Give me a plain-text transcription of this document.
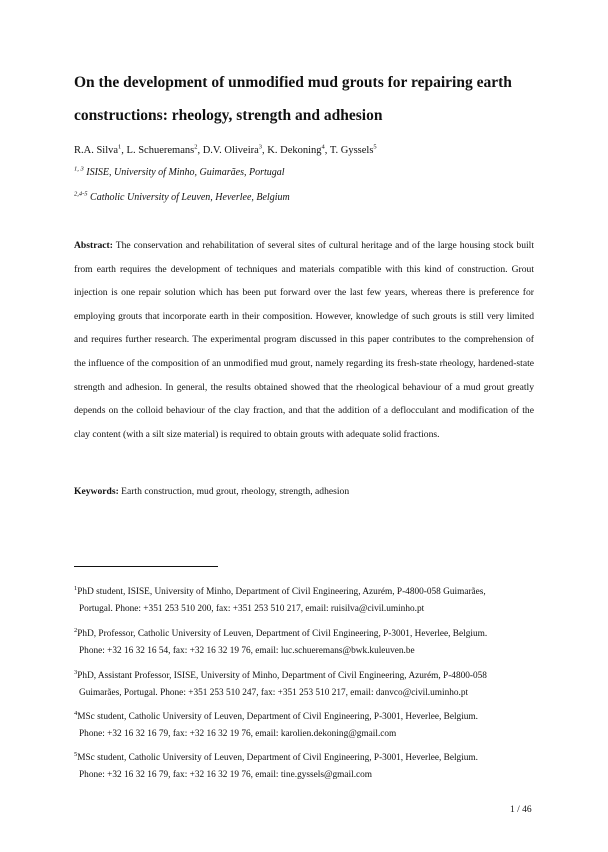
On the development of unmodified mud grouts for repairing earth
constructions: rheology, strength and adhesion
R.A. Silva$^1$, L. Schueremans$^2$, D.V. Oliveira$^3$, K. Dekoning$^4$, T. Gyssels$^5$
$^{1, 3}$ ISISE, University of Minho, Guimarães, Portugal
$^{2,4-5}$ Catholic University of Leuven, Heverlee, Belgium
Abstract: The conservation and rehabilitation of several sites of cultural heritage and of the large housing stock built from earth requires the development of techniques and materials compatible with this kind of construction. Grout injection is one repair solution which has been put forward over the last few years, whereas there is preference for employing grouts that incorporate earth in their composition. However, knowledge of such grouts is still very limited and requires further research. The experimental program discussed in this paper contributes to the comprehension of the influence of the composition of an unmodified mud grout, namely regarding its fresh-state rheology, hardened-state strength and adhesion. In general, the results obtained showed that the rheological behaviour of a mud grout greatly depends on the colloid behaviour of the clay fraction, and that the addition of a deflocculant and modification of the clay content (with a silt size material) is required to obtain grouts with adequate solid fractions.
Keywords: Earth construction, mud grout, rheology, strength, adhesion
$^1$PhD student, ISISE, University of Minho, Department of Civil Engineering, Azurém, P-4800-058 Guimarães,
Portugal. Phone: +351 253 510 200, fax: +351 253 510 217, email: ruisilva@civil.uminho.pt
$^2$PhD, Professor, Catholic University of Leuven, Department of Civil Engineering, P-3001, Heverlee, Belgium.
Phone: +32 16 32 16 54, fax: +32 16 32 19 76, email: luc.schueremans@bwk.kuleuven.be
$^3$PhD, Assistant Professor, ISISE, University of Minho, Department of Civil Engineering, Azurém, P-4800-058
Guimarães, Portugal. Phone: +351 253 510 247, fax: +351 253 510 217, email: danvco@civil.uminho.pt
$^4$MSc student, Catholic University of Leuven, Department of Civil Engineering, P-3001, Heverlee, Belgium.
Phone: +32 16 32 16 79, fax: +32 16 32 19 76, email: karolien.dekoning@gmail.com
$^5$MSc student, Catholic University of Leuven, Department of Civil Engineering, P-3001, Heverlee, Belgium.
Phone: +32 16 32 16 79, fax: +32 16 32 19 76, email: tine.gyssels@gmail.com
1 / 46
